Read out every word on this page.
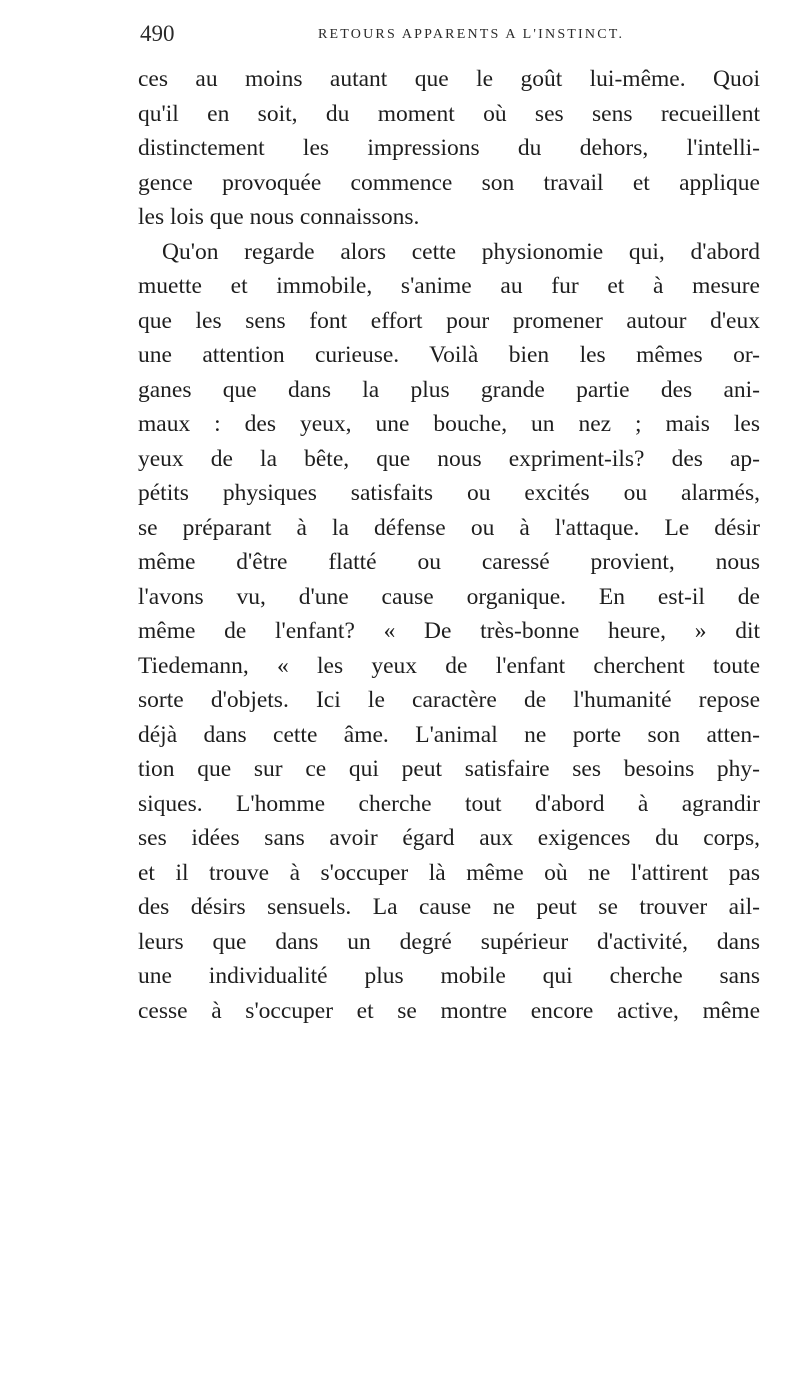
490	RETOURS APPARENTS A L'INSTINCT.
ces au moins autant que le goût lui-même. Quoi
qu'il en soit, du moment où ses sens recueillent
distinctement les impressions du dehors, l'intelli-
gence provoquée commence son travail et applique
les lois que nous connaissons.
Qu'on regarde alors cette physionomie qui, d'abord
muette et immobile, s'anime au fur et à mesure
que les sens font effort pour promener autour d'eux
une attention curieuse. Voilà bien les mêmes or-
ganes que dans la plus grande partie des ani-
maux : des yeux, une bouche, un nez ; mais les
yeux de la bête, que nous expriment-ils? des ap-
pétits physiques satisfaits ou excités ou alarmés,
se préparant à la défense ou à l'attaque. Le désir
même d'être flatté ou caressé provient, nous
l'avons vu, d'une cause organique. En est-il de
même de l'enfant? « De très-bonne heure, » dit
Tiedemann, « les yeux de l'enfant cherchent toute
sorte d'objets. Ici le caractère de l'humanité repose
déjà dans cette âme. L'animal ne porte son atten-
tion que sur ce qui peut satisfaire ses besoins phy-
siques. L'homme cherche tout d'abord à agrandir
ses idées sans avoir égard aux exigences du corps,
et il trouve à s'occuper là même où ne l'attirent pas
des désirs sensuels. La cause ne peut se trouver ail-
leurs que dans un degré supérieur d'activité, dans
une individualité plus mobile qui cherche sans
cesse à s'occuper et se montre encore active, même
